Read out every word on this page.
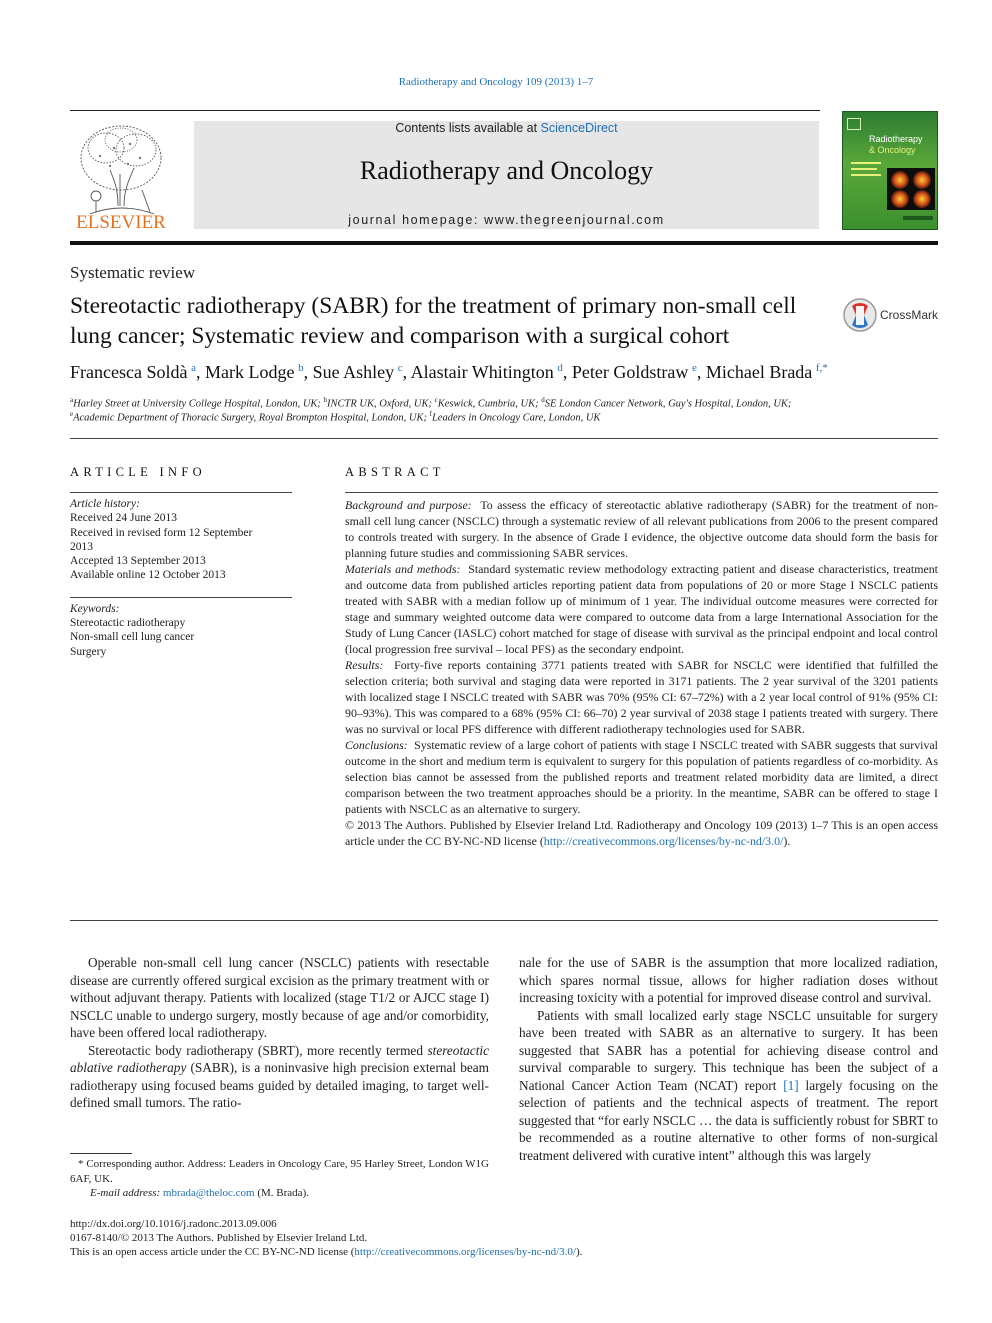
Radiotherapy and Oncology 109 (2013) 1–7
ELSEVIER
Contents lists available at ScienceDirect
Radiotherapy and Oncology
journal homepage: www.thegreenjournal.com
Radiotherapy
& Oncology
Systematic review
Stereotactic radiotherapy (SABR) for the treatment of primary non-small cell lung cancer; Systematic review and comparison with a surgical cohort
CrossMark
Francesca Soldà  $^a$, Mark Lodge  $^b$, Sue Ashley  $^c$, Alastair Whitington  $^d$, Peter Goldstraw  $^e$, Michael Brada  $^{f,*}$
$^a$Harley Street at University College Hospital, London, UK; $^b$INCTR UK, Oxford, UK; $^c$Keswick, Cumbria, UK; $^d$SE London Cancer Network, Guy's Hospital, London, UK;
$^e$Academic Department of Thoracic Surgery, Royal Brompton Hospital, London, UK; $^f$Leaders in Oncology Care, London, UK
ARTICLE INFO
Article history:
Received 24 June 2013
Received in revised form 12 September
2013
Accepted 13 September 2013
Available online 12 October 2013
Keywords:
Stereotactic radiotherapy
Non-small cell lung cancer
Surgery
ABSTRACT

Background and purpose: To assess the efficacy of stereotactic ablative radiotherapy (SABR) for the treatment of non-small cell lung cancer (NSCLC) through a systematic review of all relevant publications from 2006 to the present compared to controls treated with surgery. In the absence of Grade I evidence, the objective outcome data should form the basis for planning future studies and commissioning SABR services.

Materials and methods: Standard systematic review methodology extracting patient and disease characteristics, treatment and outcome data from published articles reporting patient data from populations of 20 or more Stage I NSCLC patients treated with SABR with a median follow up of minimum of 1 year. The individual outcome measures were corrected for stage and summary weighted outcome data were compared to outcome data from a large International Association for the Study of Lung Cancer (IASLC) cohort matched for stage of disease with survival as the principal endpoint and local control (local progression free survival – local PFS) as the secondary endpoint.

Results: Forty-five reports containing 3771 patients treated with SABR for NSCLC were identified that fulfilled the selection criteria; both survival and staging data were reported in 3171 patients. The 2 year survival of the 3201 patients with localized stage I NSCLC treated with SABR was 70% (95% CI: 67–72%) with a 2 year local control of 91% (95% CI: 90–93%). This was compared to a 68% (95% CI: 66–70) 2 year survival of 2038 stage I patients treated with surgery. There was no survival or local PFS difference with different radiotherapy technologies used for SABR.

Conclusions: Systematic review of a large cohort of patients with stage I NSCLC treated with SABR suggests that survival outcome in the short and medium term is equivalent to surgery for this population of patients regardless of co-morbidity. As selection bias cannot be assessed from the published reports and treatment related morbidity data are limited, a direct comparison between the two treatment approaches should be a priority. In the meantime, SABR can be offered to stage I patients with NSCLC as an alternative to surgery.

© 2013 The Authors. Published by Elsevier Ireland Ltd. Radiotherapy and Oncology 109 (2013) 1–7 This is an open access article under the CC BY-NC-ND license (http://creativecommons.org/licenses/by-nc-nd/3.0/).

Operable non-small cell lung cancer (NSCLC) patients with resectable disease are currently offered surgical excision as the primary treatment with or without adjuvant therapy. Patients with localized (stage T1/2 or AJCC stage I) NSCLC unable to undergo surgery, mostly because of age and/or comorbidity, have been offered local radiotherapy.

Stereotactic body radiotherapy (SBRT), more recently termed stereotactic ablative radiotherapy (SABR), is a noninvasive high precision external beam radiotherapy using focused beams guided by detailed imaging, to target well-defined small tumors. The ratio-

nale for the use of SABR is the assumption that more localized radiation, which spares normal tissue, allows for higher radiation doses without increasing toxicity with a potential for improved disease control and survival.

Patients with small localized early stage NSCLC unsuitable for surgery have been treated with SABR as an alternative to surgery. It has been suggested that SABR has a potential for achieving disease control and survival comparable to surgery. This technique has been the subject of a National Cancer Action Team (NCAT) report [1] largely focusing on the selection of patients and the technical aspects of treatment. The report suggested that “for early NSCLC … the data is sufficiently robust for SBRT to be recommended as a routine alternative to other forms of non-surgical treatment delivered with curative intent” although this was largely

* Corresponding author. Address: Leaders in Oncology Care, 95 Harley Street, London W1G 6AF, UK.

E-mail address: mbrada@theloc.com (M. Brada).

http://dx.doi.org/10.1016/j.radonc.2013.09.006
0167-8140/© 2013 The Authors. Published by Elsevier Ireland Ltd.
This is an open access article under the CC BY-NC-ND license (http://creativecommons.org/licenses/by-nc-nd/3.0/).
